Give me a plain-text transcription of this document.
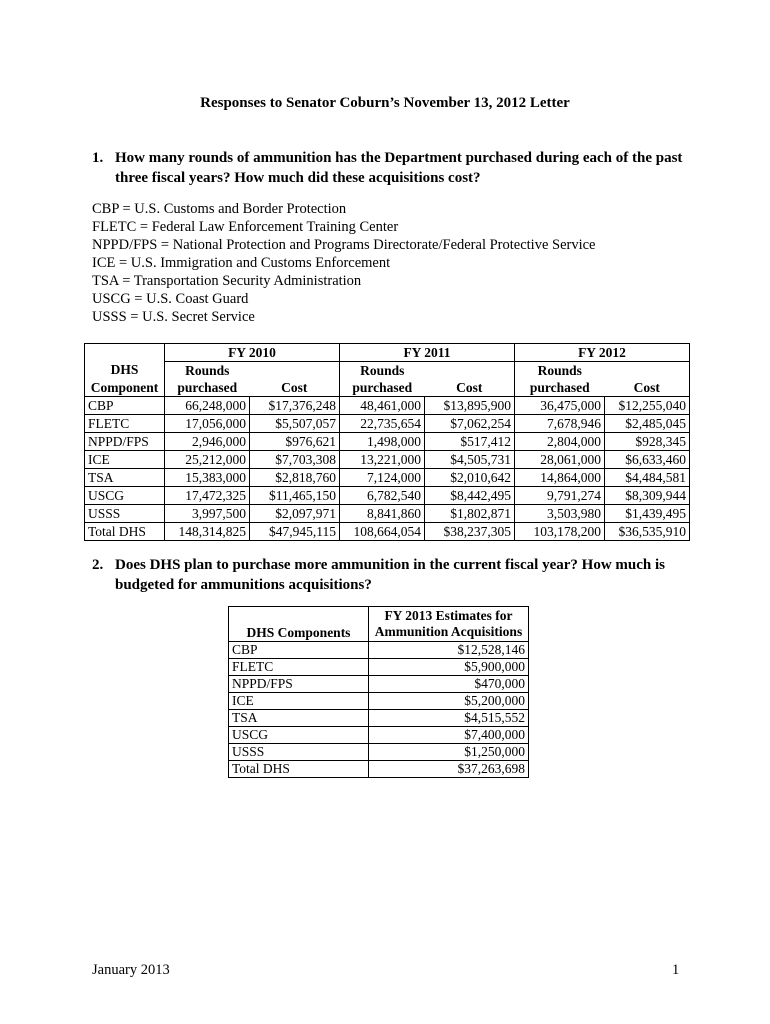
Responses to Senator Coburn’s November 13, 2012 Letter
1. How many rounds of ammunition has the Department purchased during each of the past three fiscal years? How much did these acquisitions cost?
CBP = U.S. Customs and Border Protection
FLETC = Federal Law Enforcement Training Center
NPPD/FPS = National Protection and Programs Directorate/Federal Protective Service
ICE = U.S. Immigration and Customs Enforcement
TSA = Transportation Security Administration
USCG = U.S. Coast Guard
USSS = U.S. Secret Service
	FY 2010		FY 2011		FY 2012	
DHS	Rounds		Rounds		Rounds	
Component	purchased	Cost	purchased	Cost	purchased	Cost
CBP	66,248,000	$17,376,248	48,461,000	$13,895,900	36,475,000	$12,255,040
FLETC	17,056,000	$5,507,057	22,735,654	$7,062,254	7,678,946	$2,485,045
NPPD/FPS	2,946,000	$976,621	1,498,000	$517,412	2,804,000	$928,345
ICE	25,212,000	$7,703,308	13,221,000	$4,505,731	28,061,000	$6,633,460
TSA	15,383,000	$2,818,760	7,124,000	$2,010,642	14,864,000	$4,484,581
USCG	17,472,325	$11,465,150	6,782,540	$8,442,495	9,791,274	$8,309,944
USSS	3,997,500	$2,097,971	8,841,860	$1,802,871	3,503,980	$1,439,495
Total DHS	148,314,825	$47,945,115	108,664,054	$38,237,305	103,178,200	$36,535,910
2. Does DHS plan to purchase more ammunition in the current fiscal year? How much is budgeted for ammunitions acquisitions?
DHS Components	FY 2013 Estimates for
Ammunition Acquisitions

CBP	$12,528,146
FLETC	$5,900,000
NPPD/FPS	$470,000
ICE	$5,200,000
TSA	$4,515,552
USCG	$7,400,000
USSS	$1,250,000
Total DHS	$37,263,698
January 2013	1
